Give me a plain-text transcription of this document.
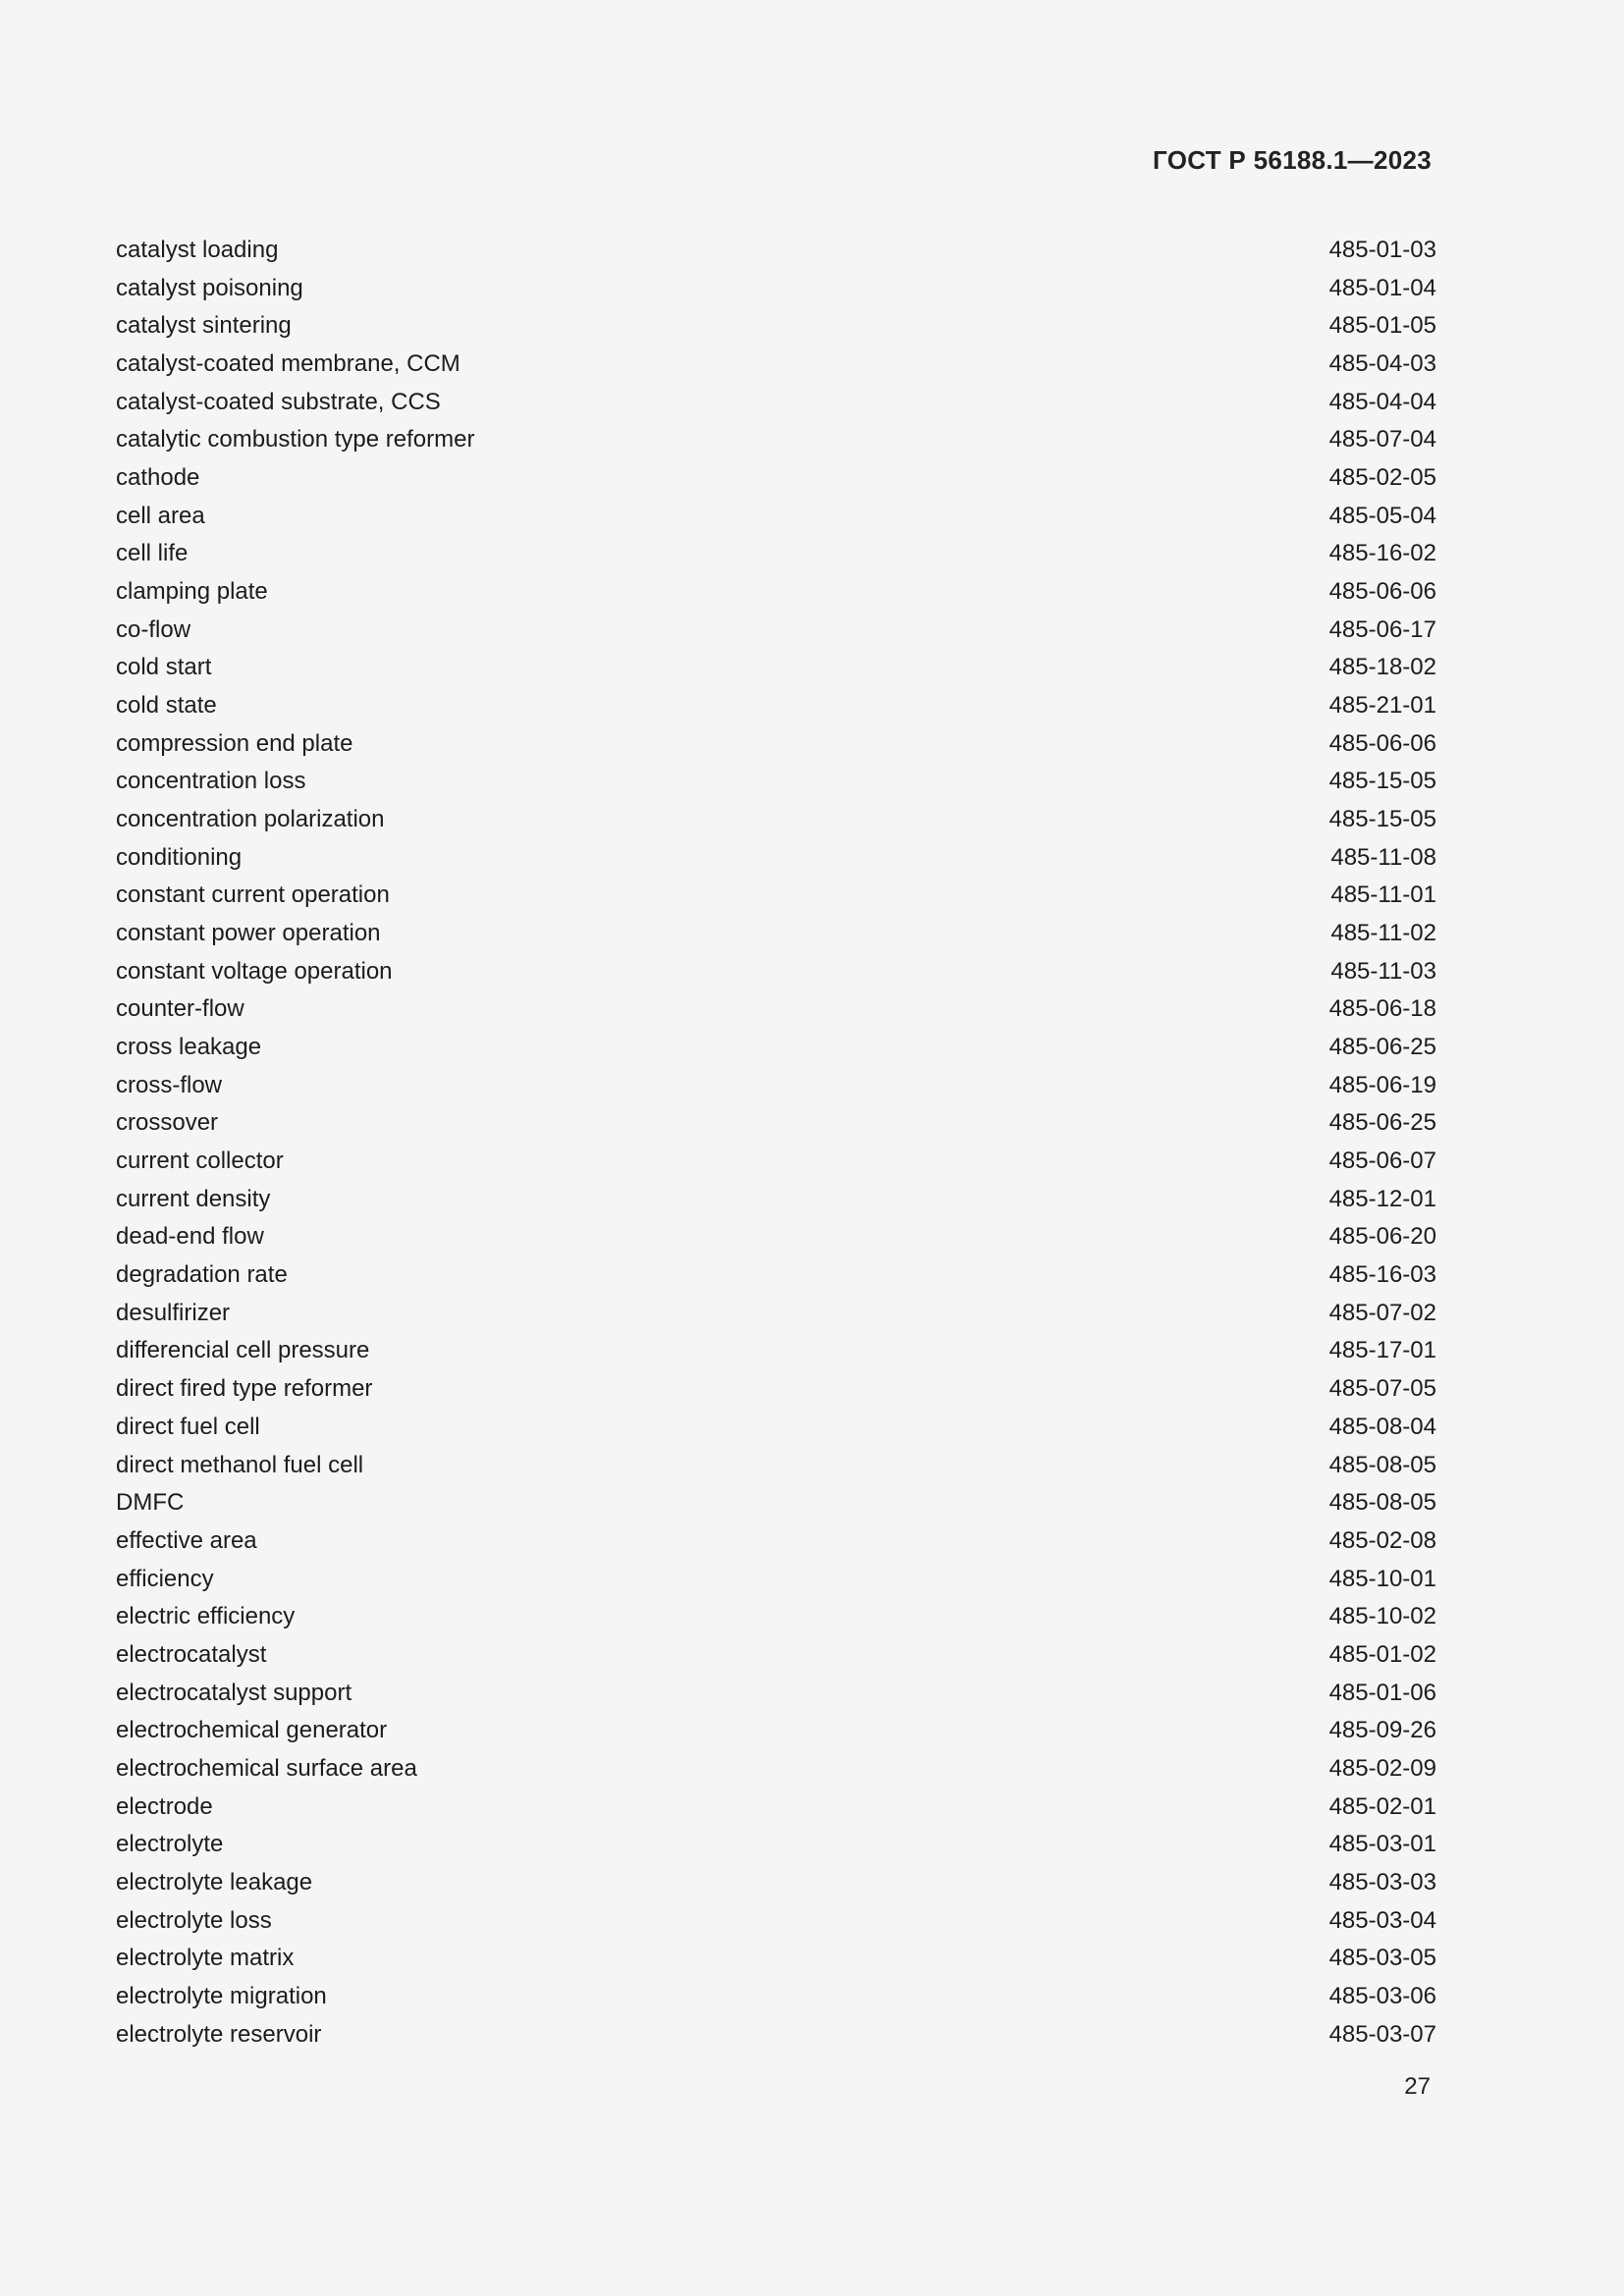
ГОСТ Р 56188.1—2023
catalyst loading	485-01-03
catalyst poisoning	485-01-04
catalyst sintering	485-01-05
catalyst-coated membrane, CCM	485-04-03
catalyst-coated substrate, CCS	485-04-04
catalytic combustion type reformer	485-07-04
cathode	485-02-05
cell area	485-05-04
cell life	485-16-02
clamping plate	485-06-06
co-flow	485-06-17
cold start	485-18-02
cold state	485-21-01
compression end plate	485-06-06
concentration loss	485-15-05
concentration polarization	485-15-05
conditioning	485-11-08
constant current operation	485-11-01
constant power operation	485-11-02
constant voltage operation	485-11-03
counter-flow	485-06-18
cross leakage	485-06-25
cross-flow	485-06-19
crossover	485-06-25
current collector	485-06-07
current density	485-12-01
dead-end flow	485-06-20
degradation rate	485-16-03
desulfirizer	485-07-02
differencial cell pressure	485-17-01
direct fired type reformer	485-07-05
direct fuel cell	485-08-04
direct methanol fuel cell	485-08-05
DMFC	485-08-05
effective area	485-02-08
efficiency	485-10-01
electric efficiency	485-10-02
electrocatalyst	485-01-02
electrocatalyst support	485-01-06
electrochemical generator	485-09-26
electrochemical surface area	485-02-09
electrode	485-02-01
electrolyte	485-03-01
electrolyte leakage	485-03-03
electrolyte loss	485-03-04
electrolyte matrix	485-03-05
electrolyte migration	485-03-06
electrolyte reservoir	485-03-07
27
